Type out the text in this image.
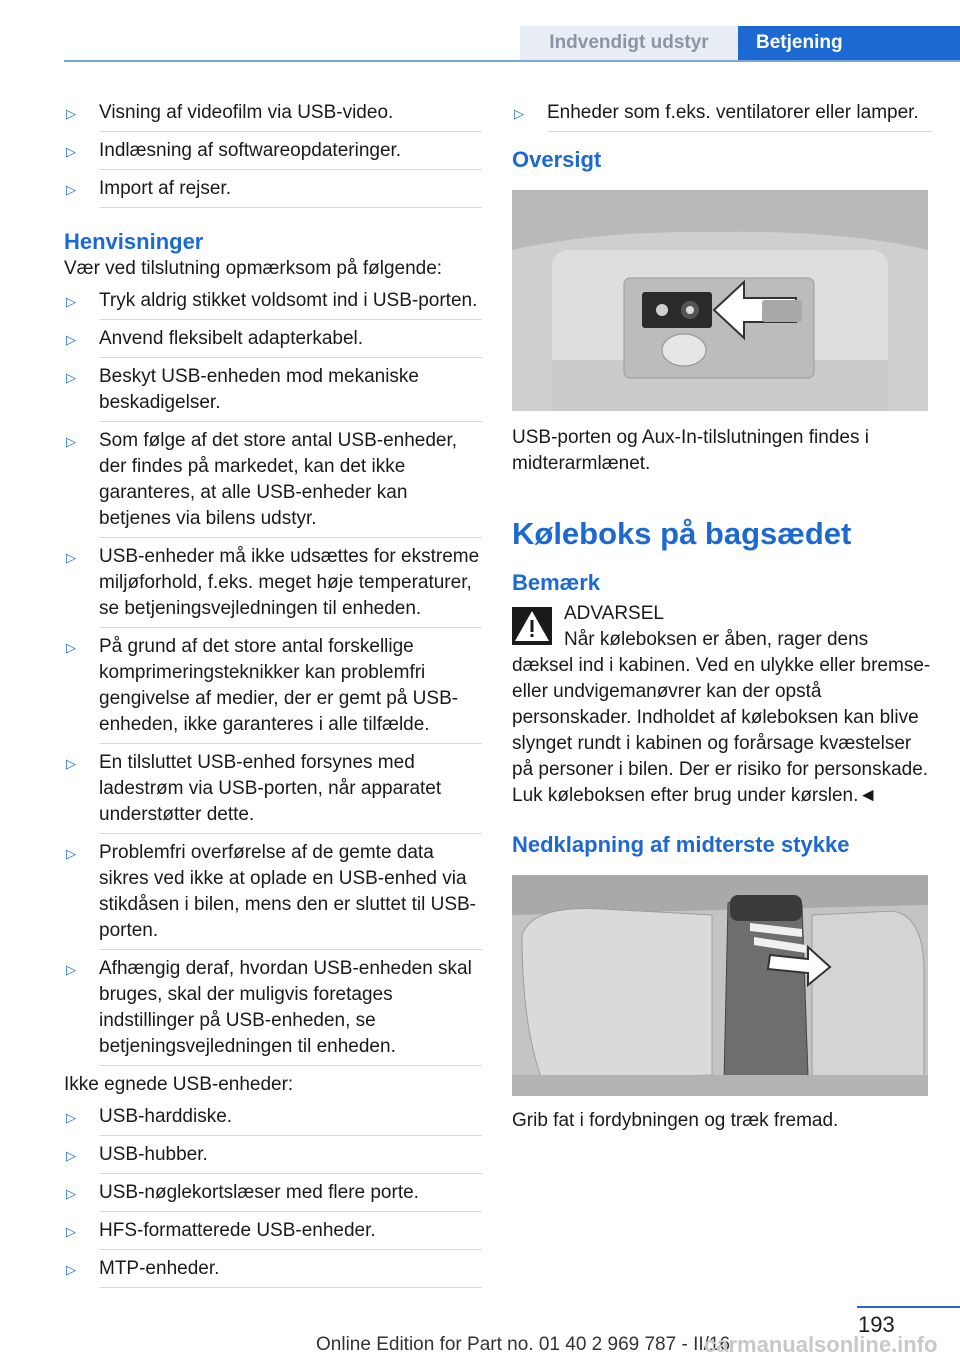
Indvendigt udstyr	Betjening
▷ Visning af videofilm via USB-video.
▷ Indlæsning af softwareopdateringer.
▷ Import af rejser.
Henvisninger

Vær ved tilslutning opmærksom på følgende:

▷ Tryk aldrig stikket voldsomt ind i USB-porten.
▷ Anvend fleksibelt adapterkabel.
▷ Beskyt USB-enheden mod mekaniske beskadigelser.
▷ Som følge af det store antal USB-enheder, der findes på markedet, kan det ikke garanteres, at alle USB-enheder kan betjenes via bilens udstyr.
▷ USB-enheder må ikke udsættes for ekstreme miljøforhold, f.eks. meget høje temperaturer, se betjeningsvejledningen til enheden.
▷ På grund af det store antal forskellige komprimeringsteknikker kan problemfri gengivelse af medier, der er gemt på USB-enheden, ikke garanteres i alle tilfælde.
▷ En tilsluttet USB-enhed forsynes med ladestrøm via USB-porten, når apparatet understøtter dette.
▷ Problemfri overførelse af de gemte data sikres ved ikke at oplade en USB-enhed via stikdåsen i bilen, mens den er sluttet til USB-porten.
▷ Afhængig deraf, hvordan USB-enheden skal bruges, skal der muligvis foretages indstillinger på USB-enheden, se betjeningsvejledningen til enheden.

Ikke egnede USB-enheder:

▷ USB-harddiske.
▷ USB-hubber.
▷ USB-nøglekortslæser med flere porte.
▷ HFS-formatterede USB-enheder.
▷ MTP-enheder.
▷ Enheder som f.eks. ventilatorer eller lamper.
Oversigt

USB-porten og Aux-In-tilslutningen findes i midterarmlænet.

Køleboks på bagsædet
Bemærk

ADVARSEL

Når køleboksen er åben, rager dens dæksel ind i kabinen. Ved en ulykke eller bremse- eller undvigemanøvrer kan der opstå personskader. Indholdet af køleboksen kan blive slynget rundt i kabinen og forårsage kvæstelser på personer i bilen. Der er risiko for personskade. Luk køleboksen efter brug under kørslen.◄

Nedklapning af midterste stykke

Grib fat i fordybningen og træk fremad.

193
Online Edition for Part no. 01 40 2 969 787 - II/16
carmanualsonline.info
